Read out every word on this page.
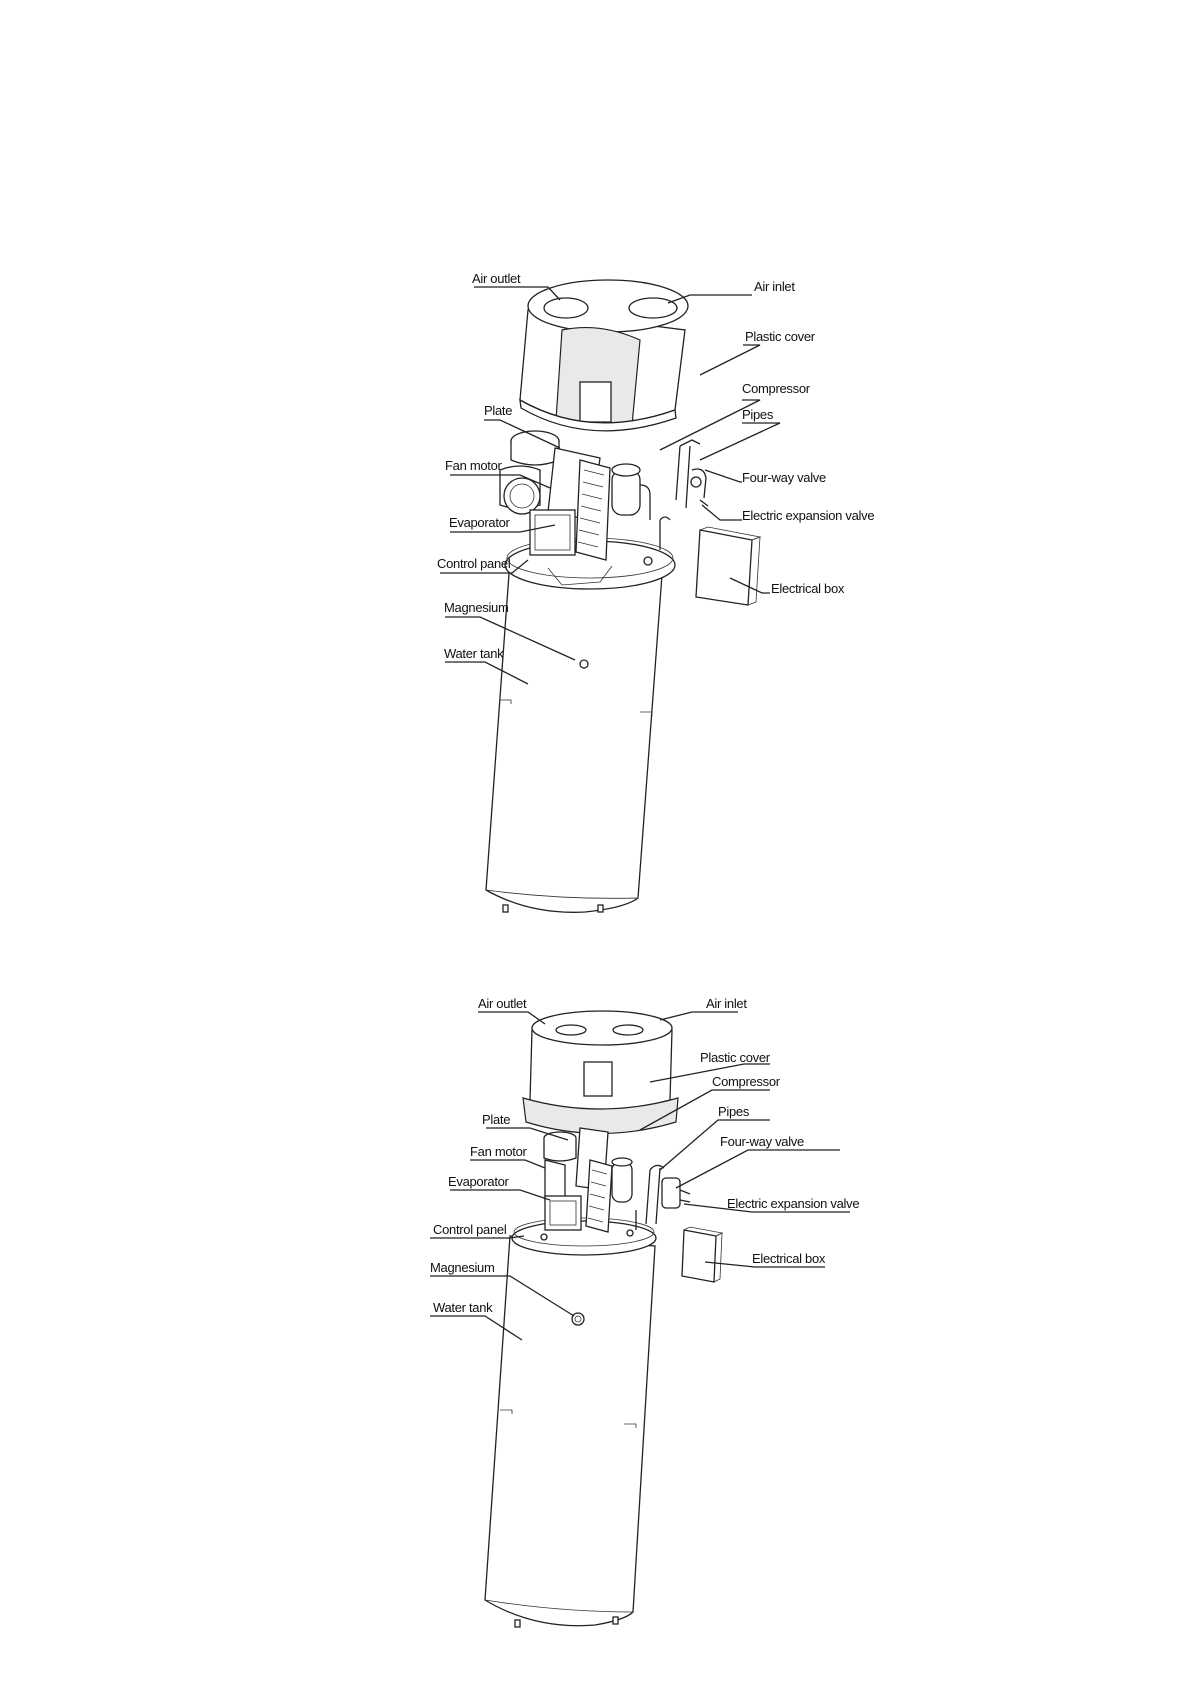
Air outlet
Air inlet
Plastic cover
Compressor
Pipes
Plate
Fan motor
Four-way valve
Evaporator	Electric expansion valve
Control panel
Electrical box
Magnesium
Water tank
Air outlet	Air inlet
Plastic cover
Compressor
Pipes
Plate
Fan motor
Four-way valve
Evaporator
Electric expansion valve
Control panel
Electrical box
Magnesium
Water tank
